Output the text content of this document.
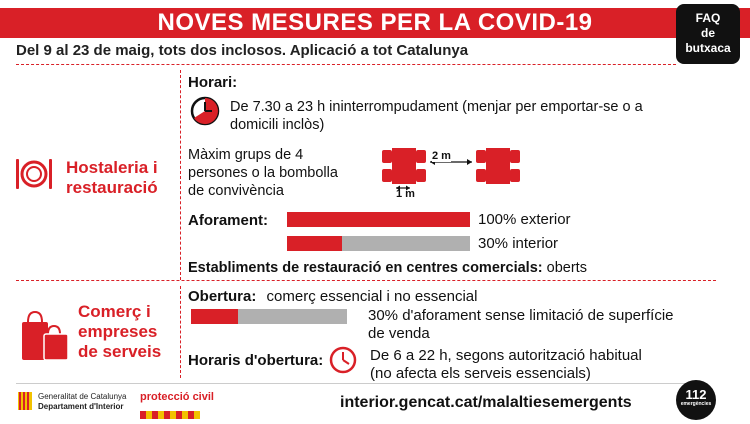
NOVES MESURES PER LA COVID-19	FAQ
de
butxaca
Del 9 al 23 de maig, tots dos inclosos. Aplicació a tot Catalunya
Hostaleria i
restauració
Horari:
De 7.30 a 23 h ininterrompudament (menjar per emportar-se o a
domicili inclòs)
Màxim grups de 4
persones o la bombolla
de convivència
2 m
1 m
Aforament:	100% exterior
30% interior
Establiments de restauració en centres comercials: oberts
Comerç i
empreses
de serveis
Obertura: comerç essencial i no essencial
30% d'aforament sense limitació de superfície
de venda
Horaris d'obertura:	De 6 a 22 h, segons autorització habitual
(no afecta els serveis essencials)
Generalitat de Catalunya
Departament d'Interior
protecció civil	interior.gencat.cat/malaltiesemergents	112
emergències
